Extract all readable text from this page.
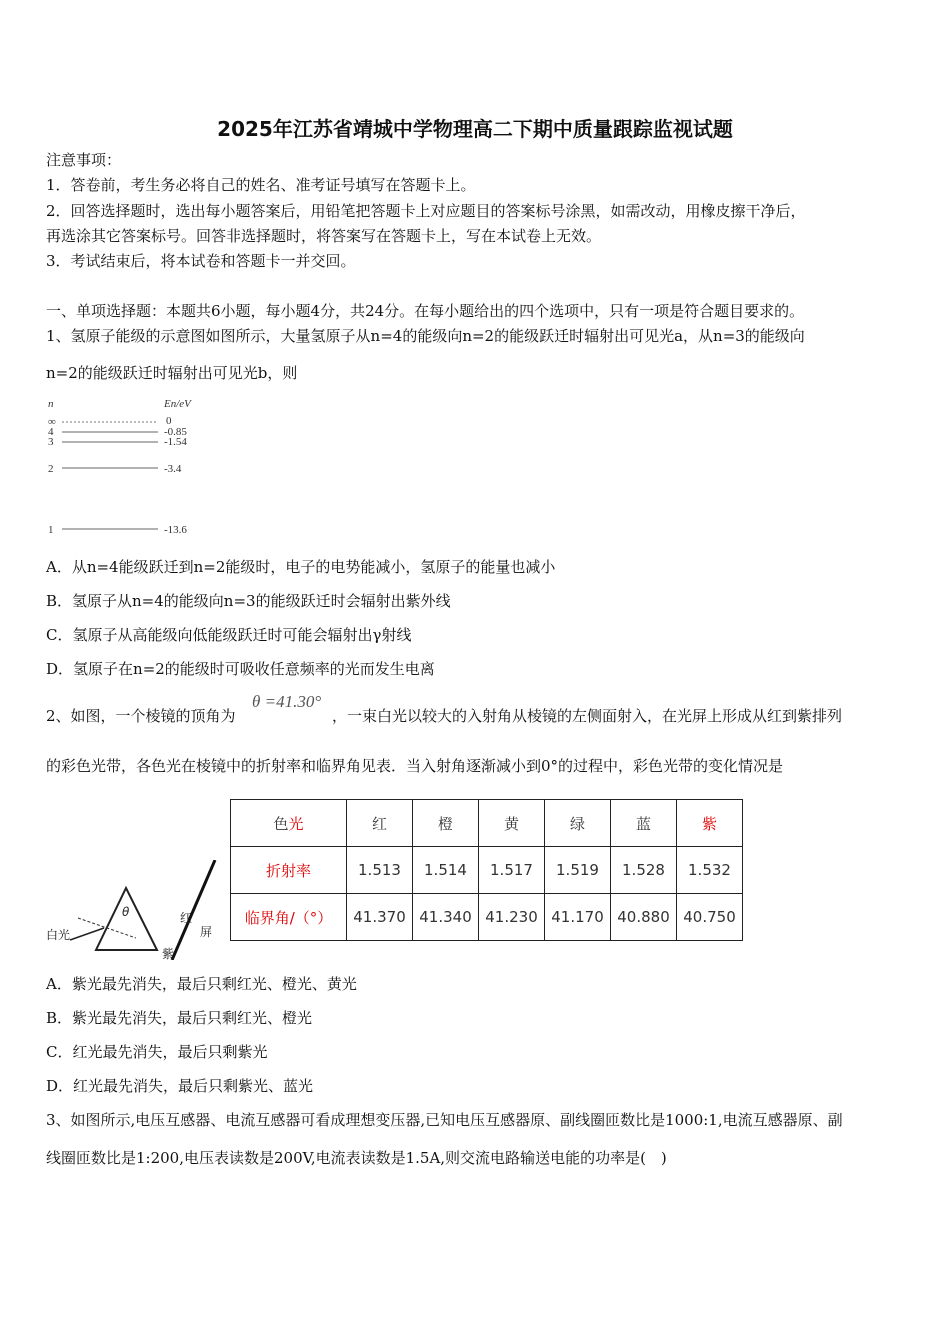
2025年江苏省靖城中学物理高二下期中质量跟踪监视试题
注意事项：
1．答卷前，考生务必将自己的姓名、准考证号填写在答题卡上。
2．回答选择题时，选出每小题答案后，用铅笔把答题卡上对应题目的答案标号涂黑，如需改动，用橡皮擦干净后，
再选涂其它答案标号。回答非选择题时，将答案写在答题卡上，写在本试卷上无效。
3．考试结束后，将本试卷和答题卡一并交回。
一、单项选择题：本题共6小题，每小题4分，共24分。在每小题给出的四个选项中，只有一项是符合题目要求的。
1、氢原子能级的示意图如图所示，大量氢原子从n=4的能级向n=2的能级跃迁时辐射出可见光a，从n=3的能级向
n=2的能级跃迁时辐射出可见光b，则
n	En/eV
∞	0
4	-0.85
3	-1.54
2	-3.4
1	-13.6
A．从n=4能级跃迁到n=2能级时，电子的电势能减小，氢原子的能量也减小
B．氢原子从n=4的能级向n=3的能级跃迁时会辐射出紫外线
C．氢原子从高能级向低能级跃迁时可能会辐射出γ射线
D．氢原子在n=2的能级时可吸收任意频率的光而发生电离
2、如图，一个棱镜的顶角为
θ =41.30°
，一束白光以较大的入射角从棱镜的左侧面射入，在光屏上形成从红到紫排列
的彩色光带，各色光在棱镜中的折射率和临界角见表．当入射角逐渐减小到0°的过程中，彩色光带的变化情况是
白光
红
屏
紫
θ
色光	红	橙	黄	绿	蓝	紫
折射率	1.513	1.514	1.517	1.519	1.528	1.532
临界角/（°）	41.370	41.340	41.230	41.170	40.880	40.750
A．紫光最先消失，最后只剩红光、橙光、黄光
B．紫光最先消失，最后只剩红光、橙光
C．红光最先消失，最后只剩紫光
D．红光最先消失，最后只剩紫光、蓝光
3、如图所示,电压互感器、电流互感器可看成理想变压器,已知电压互感器原、副线圈匝数比是1000:1,电流互感器原、副
线圈匝数比是1:200,电压表读数是200V,电流表读数是1.5A,则交流电路输送电能的功率是(　)
